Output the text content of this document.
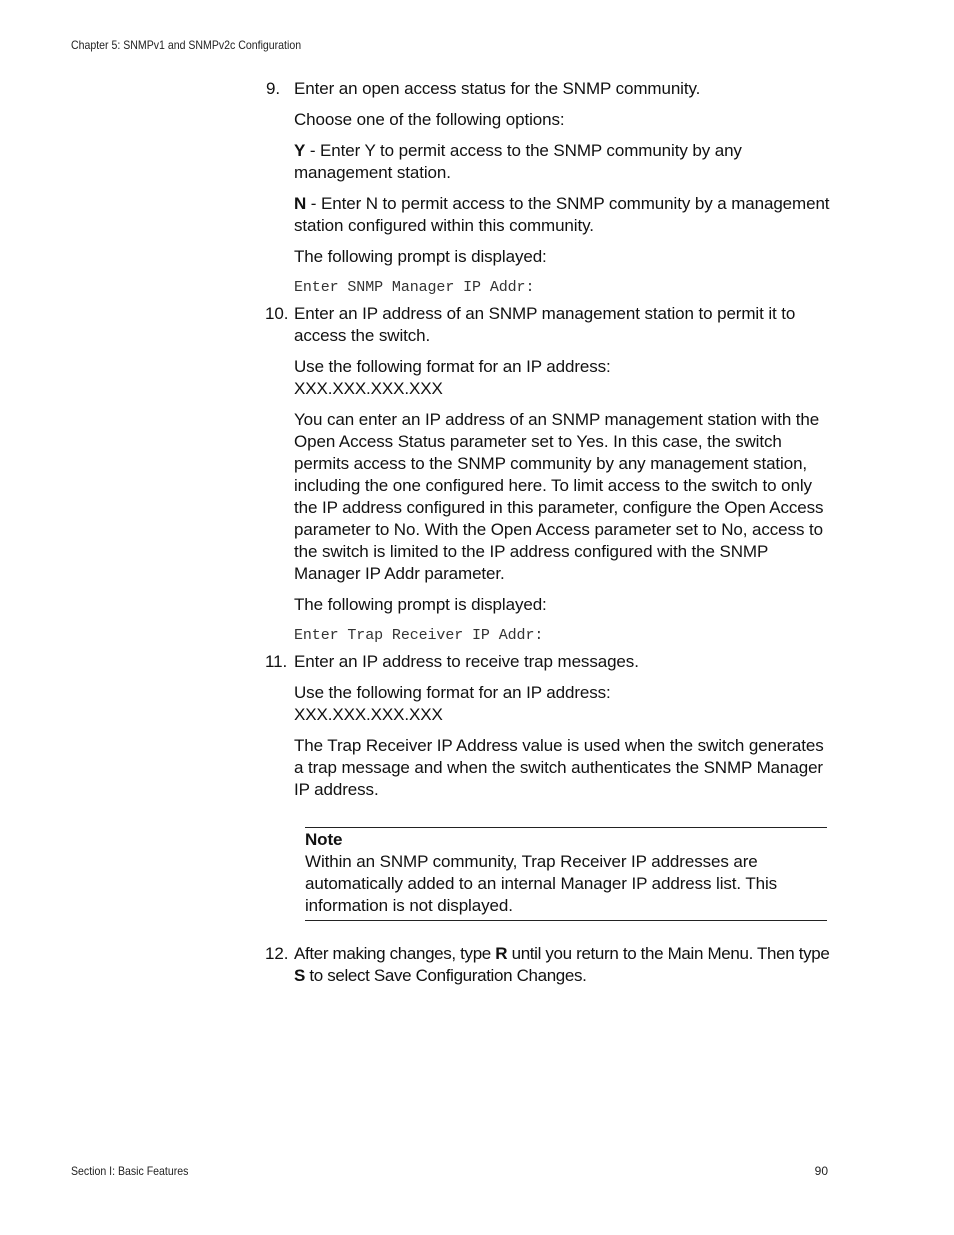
Chapter 5: SNMPv1 and SNMPv2c Configuration
9. Enter an open access status for the SNMP community.

Choose one of the following options:

Y - Enter Y to permit access to the SNMP community by any management station.

N - Enter N to permit access to the SNMP community by a management station configured within this community.

The following prompt is displayed:

Enter SNMP Manager IP Addr:
10. Enter an IP address of an SNMP management station to permit it to access the switch.

Use the following format for an IP address:
XXX.XXX.XXX.XXX

You can enter an IP address of an SNMP management station with the Open Access Status parameter set to Yes. In this case, the switch permits access to the SNMP community by any management station, including the one configured here. To limit access to the switch to only the IP address configured in this parameter, configure the Open Access parameter to No. With the Open Access parameter set to No, access to the switch is limited to the IP address configured with the SNMP Manager IP Addr parameter.

The following prompt is displayed:

Enter Trap Receiver IP Addr:
11. Enter an IP address to receive trap messages.

Use the following format for an IP address:
XXX.XXX.XXX.XXX

The Trap Receiver IP Address value is used when the switch generates a trap message and when the switch authenticates the SNMP Manager IP address.

Note

Within an SNMP community, Trap Receiver IP addresses are automatically added to an internal Manager IP address list. This information is not displayed.

12. After making changes, type R until you return to the Main Menu. Then type S to select Save Configuration Changes.

Section I: Basic Features	90
